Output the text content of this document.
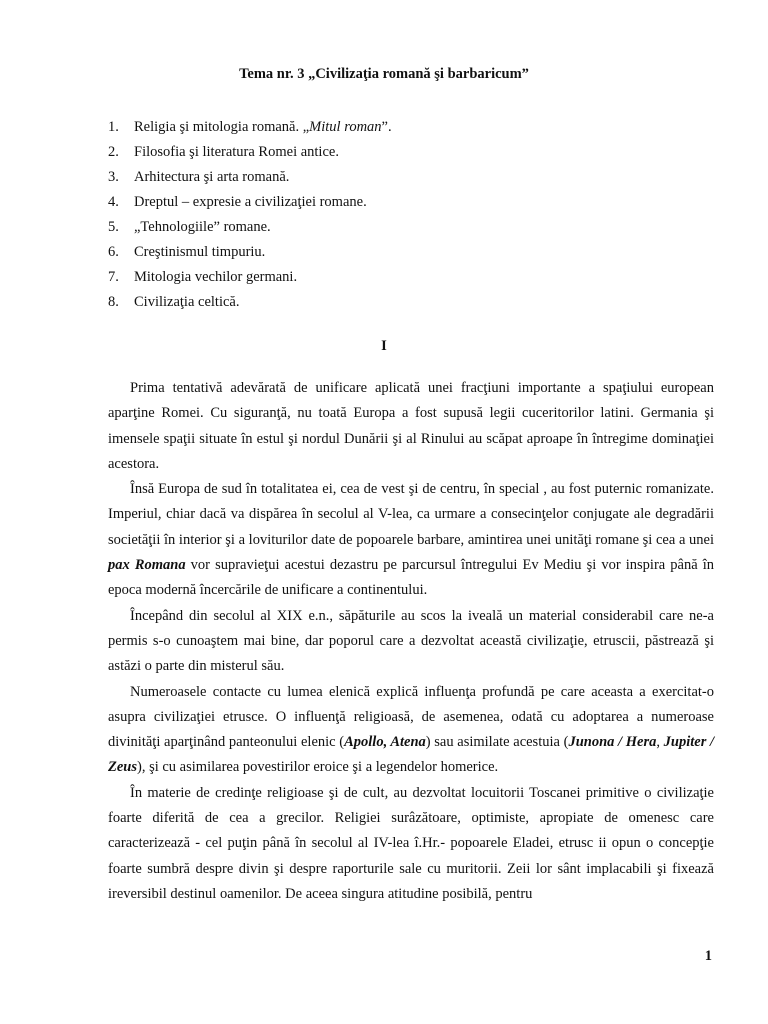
Tema nr. 3 „Civilizaţia romană şi barbaricum”
1. Religia şi mitologia romană. „Mitul roman”.
2. Filosofia şi literatura Romei antice.
3. Arhitectura şi arta romană.
4. Dreptul – expresie a civilizaţiei romane.
5. „Tehnologiile” romane.
6. Creştinismul timpuriu.
7. Mitologia vechilor germani.
8. Civilizaţia celtică.
I

Prima tentativă adevărată de unificare aplicată unei fracţiuni importante a spaţiului european aparţine Romei. Cu siguranţă, nu toată Europa a fost supusă legii cuceritorilor latini. Germania şi imensele spaţii situate în estul şi nordul Dunării şi al Rinului au scăpat aproape în întregime dominaţiei acestora.

Însă Europa de sud în totalitatea ei, cea de vest şi de centru, în special , au fost puternic romanizate. Imperiul, chiar dacă va dispărea în secolul al V-lea, ca urmare a consecinţelor conjugate ale degradării societăţii în interior şi a loviturilor date de popoarele barbare, amintirea unei unităţi romane şi cea a unei pax Romana vor supravieţui acestui dezastru pe parcursul întregului Ev Mediu şi vor inspira până în epoca modernă încercările de unificare a continentului.

Începând din secolul al XIX e.n., săpăturile au scos la iveală un material considerabil care ne-a permis s-o cunoaştem mai bine, dar poporul care a dezvoltat această civilizaţie, etruscii, păstrează şi astăzi o parte din misterul său.

Numeroasele contacte cu lumea elenică explică influenţa profundă pe care aceasta a exercitat-o asupra civilizaţiei etrusce. O influenţă religioasă, de asemenea, odată cu adoptarea a numeroase divinităţi aparţinând panteonului elenic (Apollo, Atena) sau asimilate acestuia (Junona / Hera, Jupiter / Zeus), şi cu asimilarea povestirilor eroice şi a legendelor homerice.

În materie de credinţe religioase şi de cult, au dezvoltat locuitorii Toscanei primitive o civilizaţie foarte diferită de cea a grecilor. Religiei surâzătoare, optimiste, apropiate de omenesc care caracterizează - cel puţin până în secolul al IV-lea î.Hr.- popoarele Eladei, etrusc ii opun o concepţie foarte sumbră despre divin şi despre raporturile sale cu muritorii. Zeii lor sânt implacabili şi fixează ireversibil destinul oamenilor. De aceea singura atitudine posibilă, pentru

1
